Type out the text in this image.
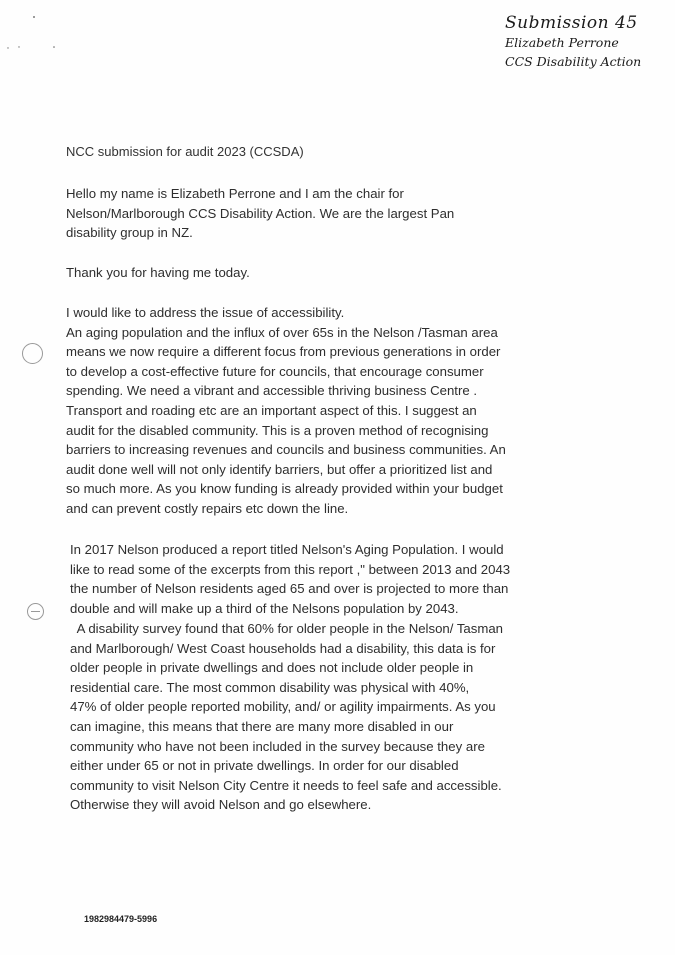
Submission 45
Elizabeth Perrone
CCS Disability Action
NCC submission for audit 2023 (CCSDA)

Hello my name is Elizabeth Perrone and I am the chair for

Nelson/Marlborough CCS Disability Action. We are the largest Pan

disability group in NZ.

Thank you for having me today.

I would like to address the issue of accessibility.

An aging population and the influx of over 65s in the Nelson /Tasman area

means we now require a different focus from previous generations in order

to develop a cost-effective future for councils, that encourage consumer

spending. We need a vibrant and accessible thriving business Centre .

Transport and roading etc are an important aspect of this. I suggest an

audit for the disabled community. This is a proven method of recognising

barriers to increasing revenues and councils and business communities. An

audit done well will not only identify barriers, but offer a prioritized list and

so much more. As you know funding is already provided within your budget

and can prevent costly repairs etc down the line.

In 2017 Nelson produced a report titled Nelson's Aging Population. I would

like to read some of the excerpts from this report ," between 2013 and 2043

the number of Nelson residents aged 65 and over is projected to more than

double and will make up a third of the Nelsons population by 2043.

A disability survey found that 60% for older people in the Nelson/ Tasman

and Marlborough/ West Coast households had a disability, this data is for

older people in private dwellings and does not include older people in

residential care. The most common disability was physical with 40%,

47% of older people reported mobility, and/ or agility impairments. As you

can imagine, this means that there are many more disabled in our

community who have not been included in the survey because they are

either under 65 or not in private dwellings. In order for our disabled

community to visit Nelson City Centre it needs to feel safe and accessible.

Otherwise they will avoid Nelson and go elsewhere.

1982984479-5996
